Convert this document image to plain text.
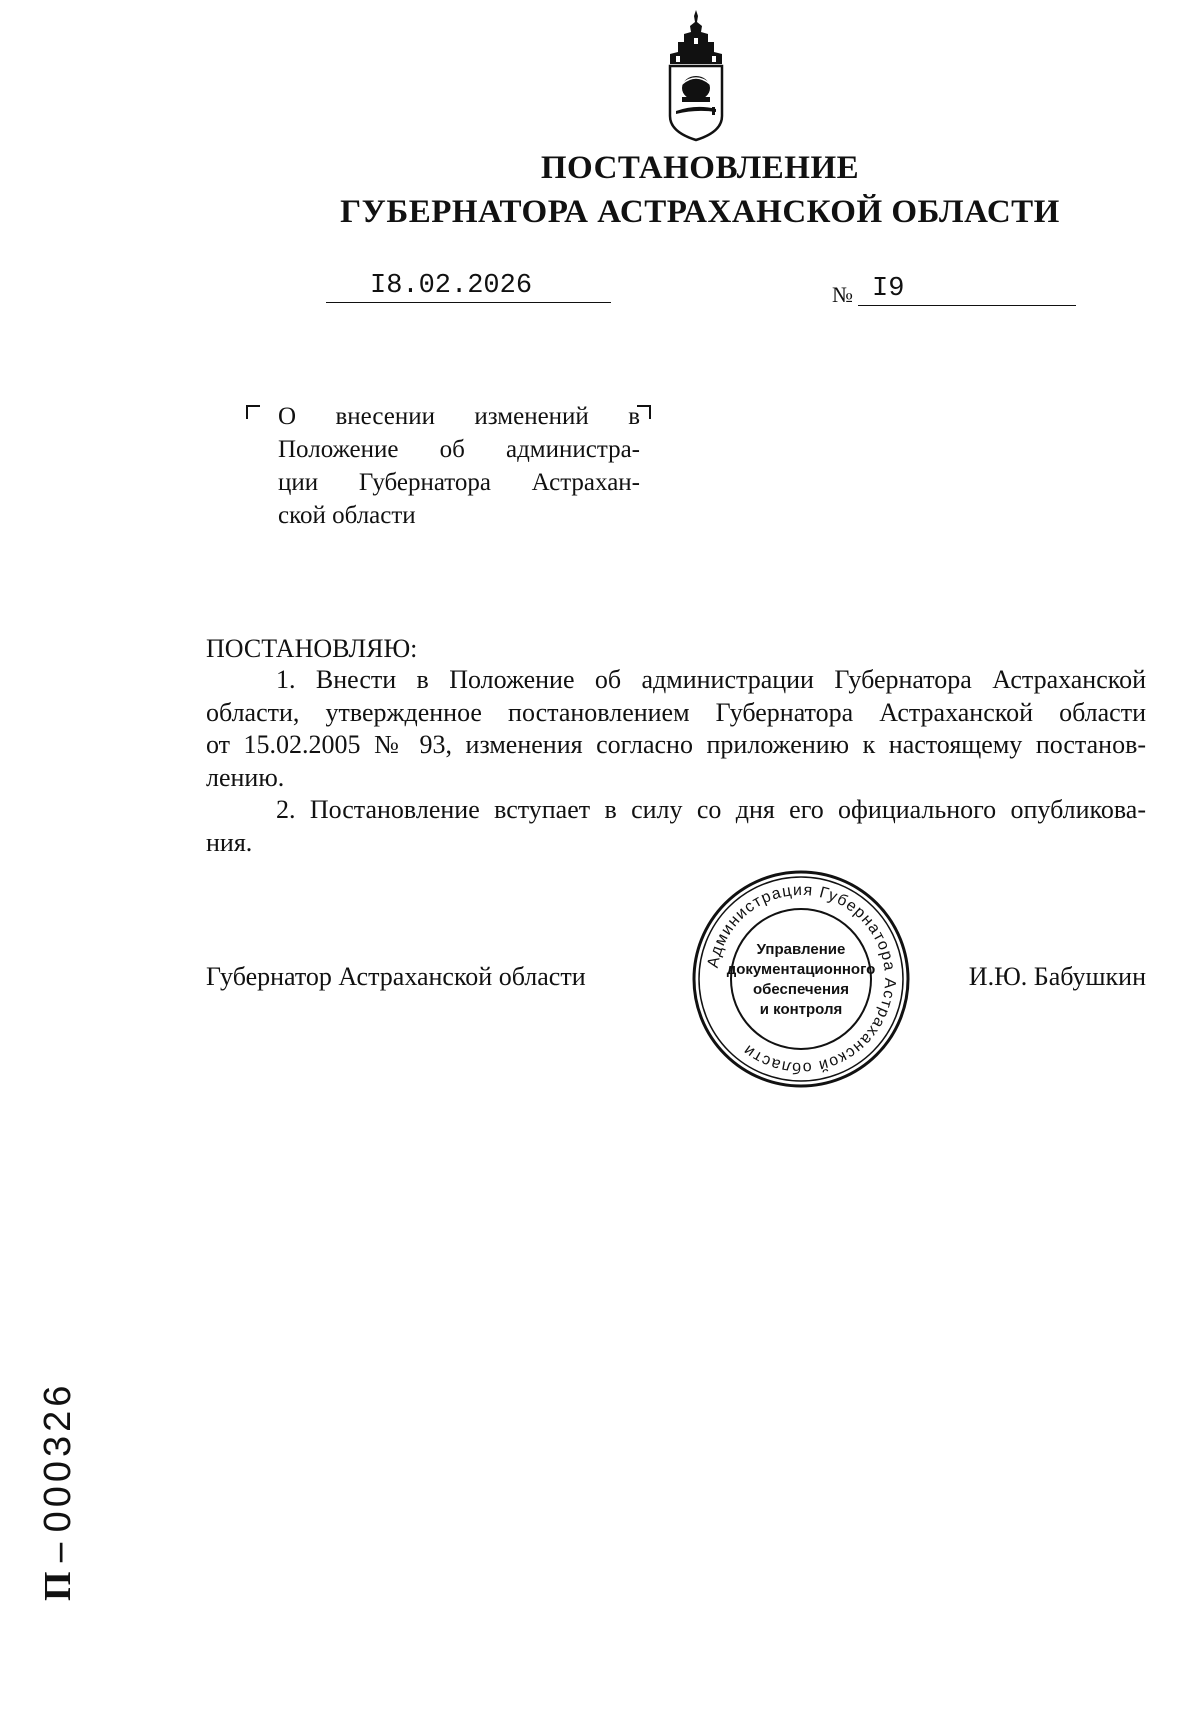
ПОСТАНОВЛЕНИЕ
ГУБЕРНАТОРА АСТРАХАНСКОЙ ОБЛАСТИ
I8.02.2026	№ I9
О внесении изменений в
Положение об администра-
ции Губернатора Астрахан-
ской области
ПОСТАНОВЛЯЮ:
1. Внести в Положение об администрации Губернатора Астраханской
области, утвержденное постановлением Губернатора Астраханской области
от 15.02.2005 № 93, изменения согласно приложению к настоящему постанов-
лению.
2. Постановление вступает в силу со дня его официального опубликова-
ния.
Губернатор Астраханской области	И.Ю. Бабушкин
Администрация Губернатора Астраханской области
Управление
документационного
обеспечения
и контроля
П – 000326
